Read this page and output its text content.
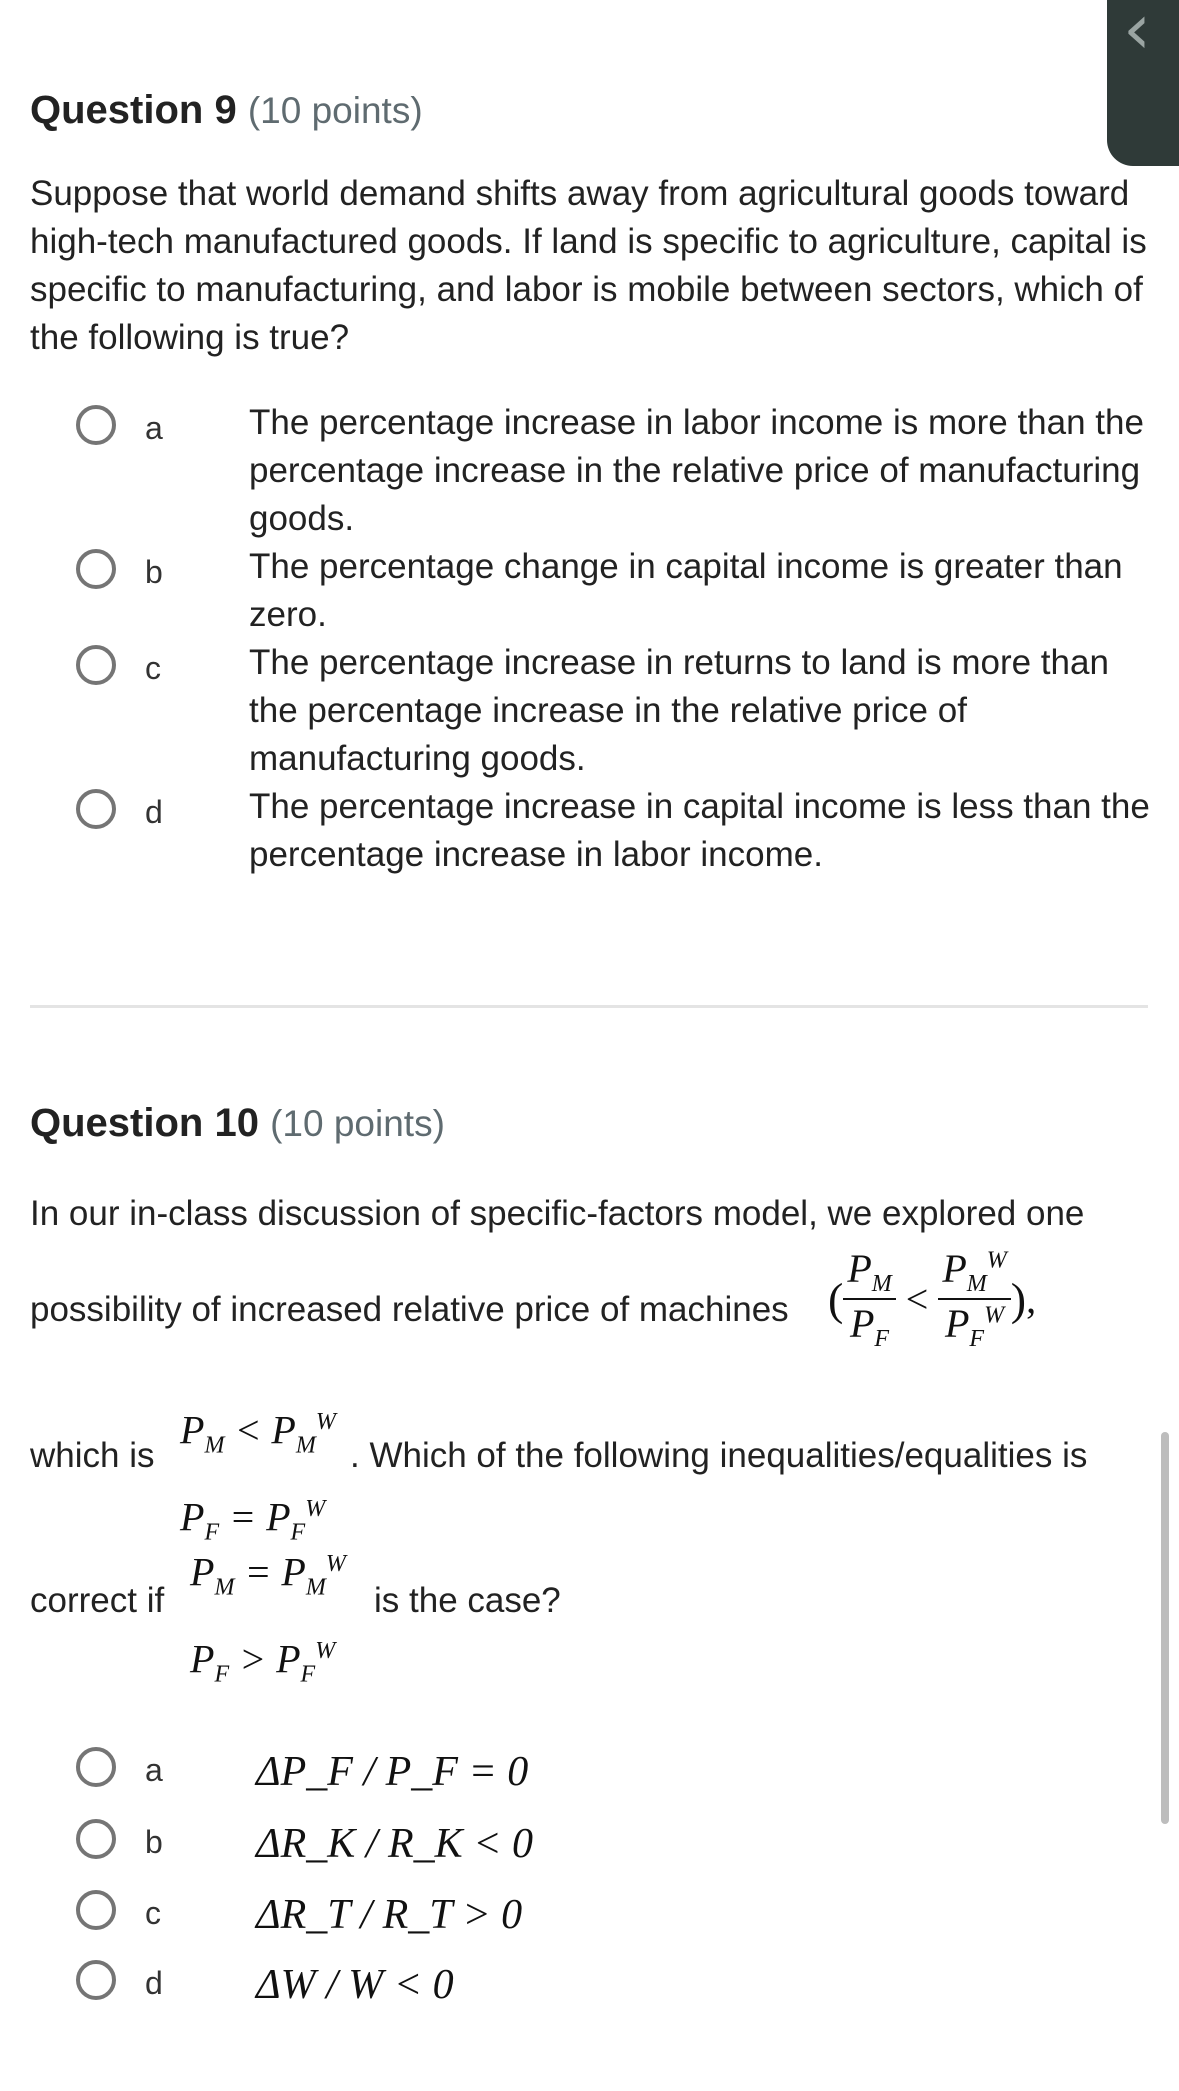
‹
Question 9 (10 points)
Suppose that world demand shifts away from agricultural goods toward high-tech manufactured goods. If land is specific to agriculture, capital is specific to manufacturing, and labor is mobile between sectors, which of the following is true?
a The percentage increase in labor income is more than the percentage increase in the relative price of manufacturing goods.
b The percentage change in capital income is greater than zero.
c	The percentage increase in returns to land is more than the percentage increase in the relative price of manufacturing goods.
d The percentage increase in capital income is less than the percentage increase in labor income.
Question 10 (10 points)
In our in-class discussion of specific-factors model, we explored one
possibility of increased relative price of machines ( $\frac{P_M}{P_F} < \frac{P_M^W}{P_F^W}$ ),
which is
$P_M < P_M^W$
$P_F = P_F^W$
. Which of the following inequalities/equalities is
correct if
$P_M = P_M^W$
$P_F > P_F^W$
is the case?
a ΔP_F / P_F = 0
b ΔR_K / R_K < 0
c ΔR_T / R_T > 0
d ΔW / W < 0
